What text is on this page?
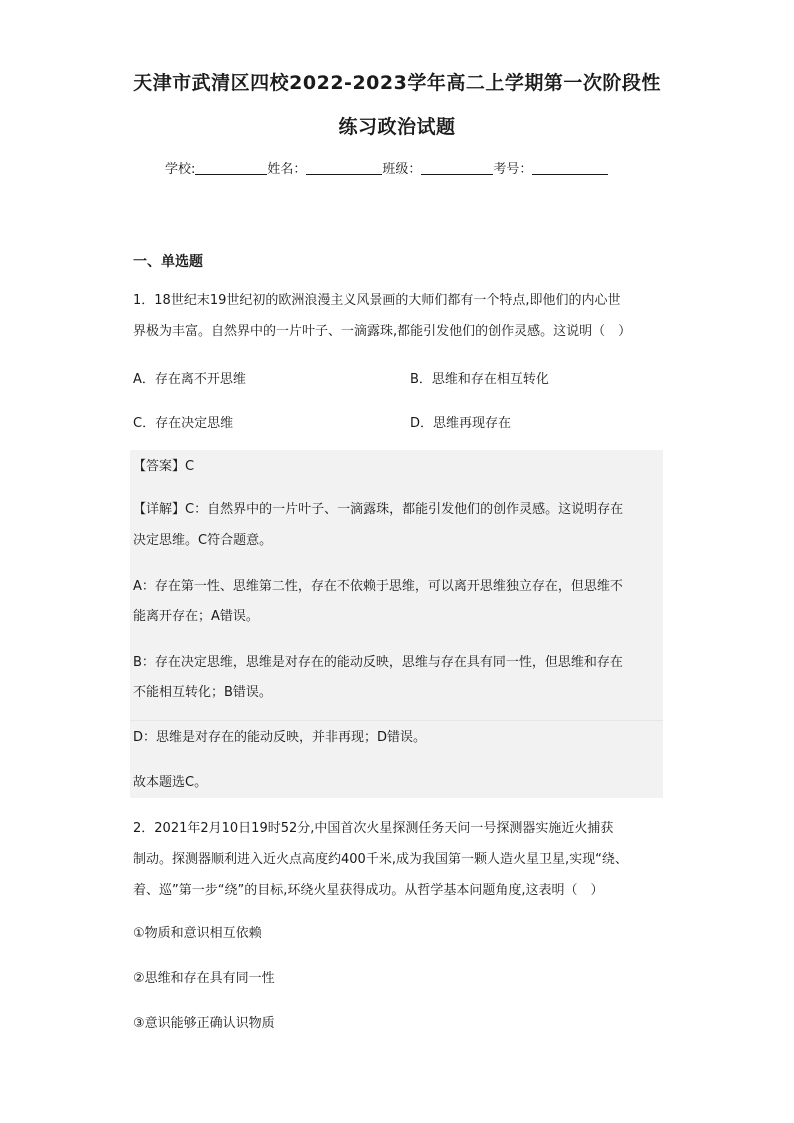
天津市武清区四校2022-2023学年高二上学期第一次阶段性
练习政治试题
学校:	姓名：	班级：	考号：
一、单选题
1．18世纪末19世纪初的欧洲浪漫主义风景画的大师们都有一个特点,即他们的内心世
界极为丰富。自然界中的一片叶子、一滴露珠,都能引发他们的创作灵感。这说明（　）
A．存在离不开思维	B．思维和存在相互转化
C．存在决定思维	D．思维再现存在
【答案】C
【详解】C：自然界中的一片叶子、一滴露珠，都能引发他们的创作灵感。这说明存在
决定思维。C符合题意。
A：存在第一性、思维第二性，存在不依赖于思维，可以离开思维独立存在，但思维不
能离开存在；A错误。
B：存在决定思维，思维是对存在的能动反映，思维与存在具有同一性，但思维和存在
不能相互转化；B错误。
D：思维是对存在的能动反映，并非再现；D错误。
故本题选C。
2．2021年2月10日19时52分,中国首次火星探测任务天问一号探测器实施近火捕获
制动。探测器顺利进入近火点高度约400千米,成为我国第一颗人造火星卫星,实现“绕、
着、巡”第一步“绕”的目标,环绕火星获得成功。从哲学基本问题角度,这表明（　）
①物质和意识相互依赖
②思维和存在具有同一性
③意识能够正确认识物质
